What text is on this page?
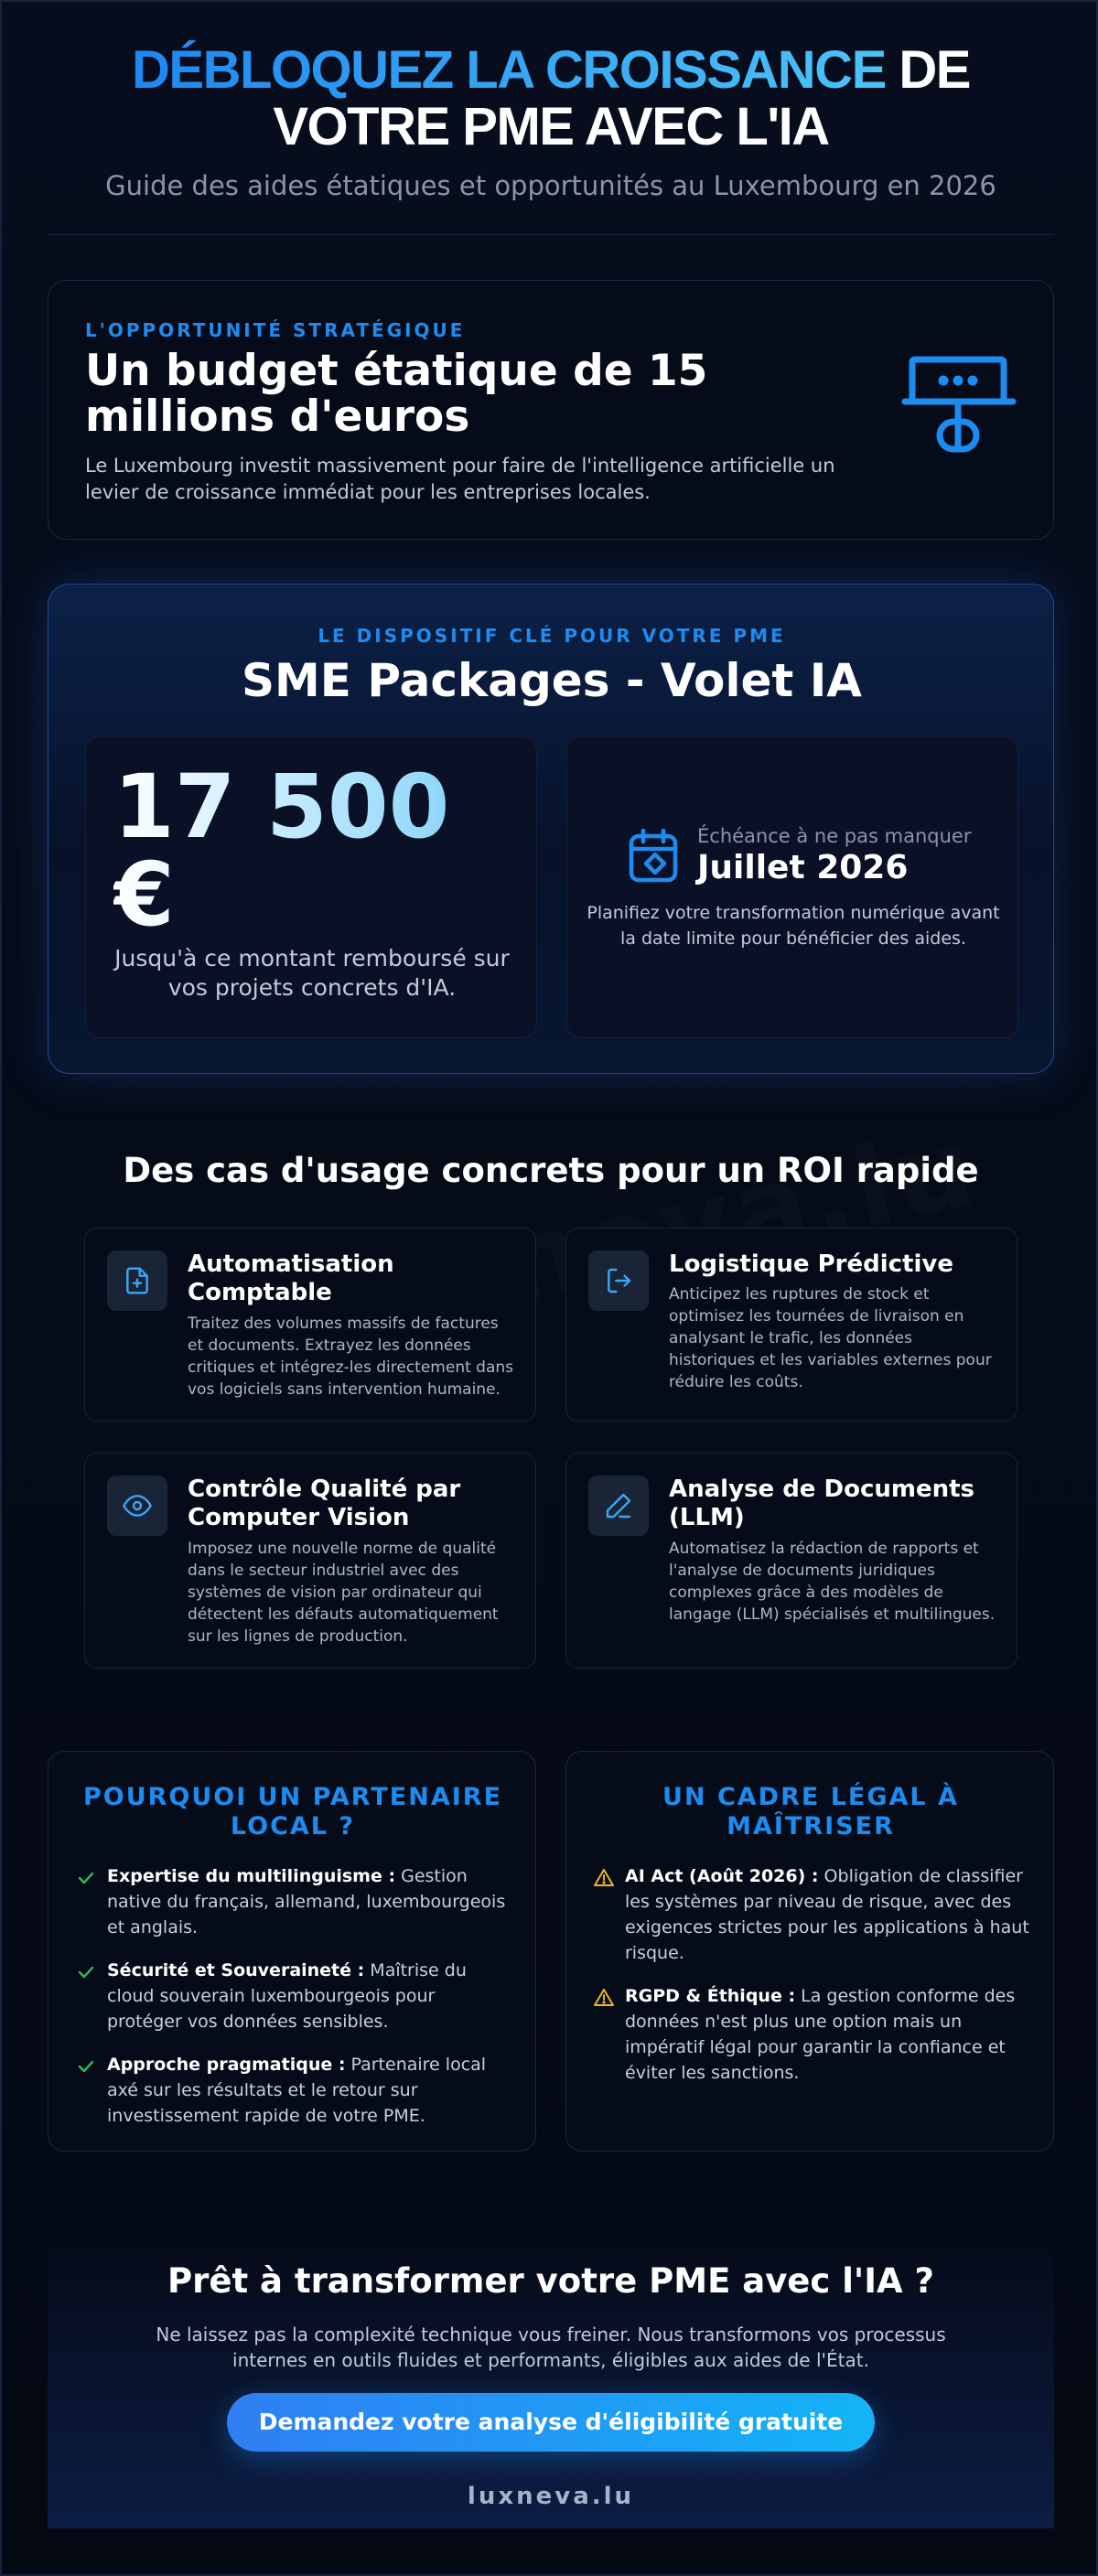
DÉBLOQUEZ LA CROISSANCE DE
VOTRE PME AVEC L'IA
Guide des aides étatiques et opportunités au Luxembourg en 2026
L'OPPORTUNITÉ STRATÉGIQUE
Un budget étatique de 15 millions d'euros

Le Luxembourg investit massivement pour faire de l'intelligence artificielle un levier de croissance immédiat pour les entreprises locales.

LE DISPOSITIF CLÉ POUR VOTRE PME
SME Packages - Volet IA
17 500 €

Jusqu'à ce montant remboursé sur vos projets concrets d'IA.

Échéance à ne pas manquer
Juillet 2026

Planifiez votre transformation numérique avant la date limite pour bénéficier des aides.

Des cas d'usage concrets pour un ROI rapide
Automatisation Comptable

Traitez des volumes massifs de factures et documents. Extrayez les données critiques et intégrez-les directement dans vos logiciels sans intervention humaine.

Logistique Prédictive

Anticipez les ruptures de stock et optimisez les tournées de livraison en analysant le trafic, les données historiques et les variables externes pour réduire les coûts.

Contrôle Qualité par Computer Vision

Imposez une nouvelle norme de qualité dans le secteur industriel avec des systèmes de vision par ordinateur qui détectent les défauts automatiquement sur les lignes de production.

Analyse de Documents (LLM)

Automatisez la rédaction de rapports et l'analyse de documents juridiques complexes grâce à des modèles de langage (LLM) spécialisés et multilingues.

POURQUOI UN PARTENAIRE LOCAL ?
Expertise du multilinguisme : Gestion native du français, allemand, luxembourgeois et anglais.
Sécurité et Souveraineté : Maîtrise du cloud souverain luxembourgeois pour protéger vos données sensibles.
Approche pragmatique : Partenaire local axé sur les résultats et le retour sur investissement rapide de votre PME.
UN CADRE LÉGAL À MAÎTRISER
AI Act (Août 2026) : Obligation de classifier les systèmes par niveau de risque, avec des exigences strictes pour les applications à haut risque.
RGPD & Éthique : La gestion conforme des données n'est plus une option mais un impératif légal pour garantir la confiance et éviter les sanctions.
Prêt à transformer votre PME avec l'IA ?

Ne laissez pas la complexité technique vous freiner. Nous transformons vos processus internes en outils fluides et performants, éligibles aux aides de l'État.

Demandez votre analyse d'éligibilité gratuite
luxneva.lu
